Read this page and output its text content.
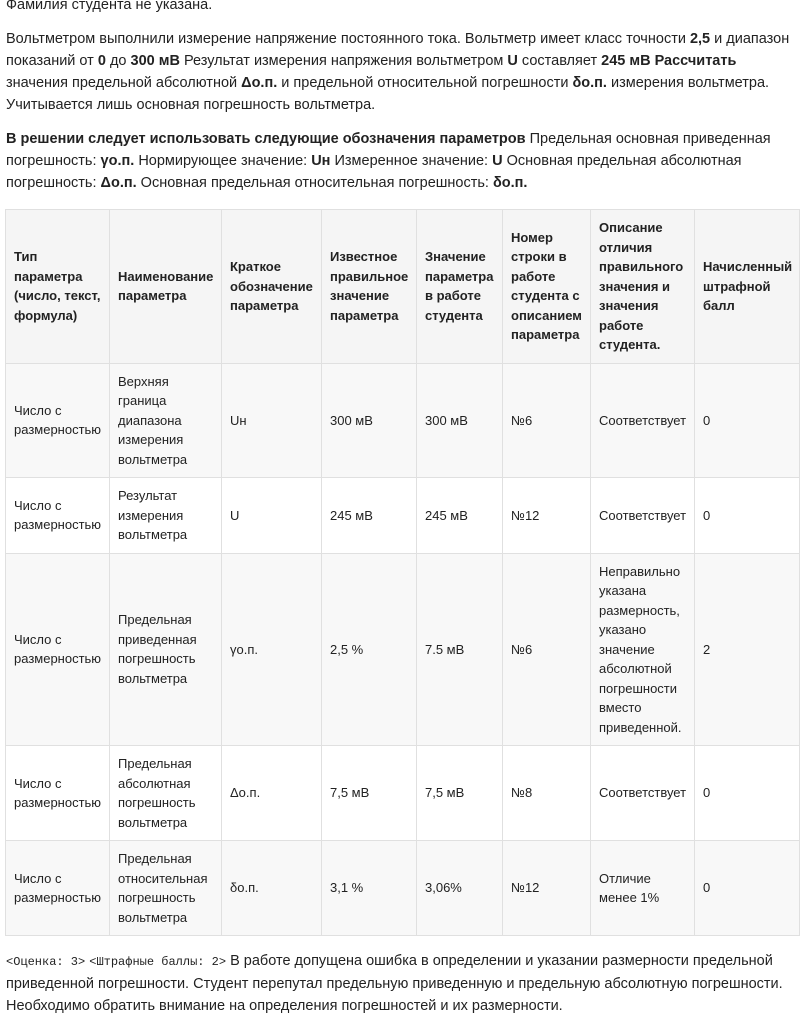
Фамилия студента не указана.

Вольтметром выполнили измерение напряжение постоянного тока. Вольтметр имеет класс точности 2,5 и диапазон показаний от 0 до 300 мВ Результат измерения напряжения вольтметром U составляет 245 мВ Рассчитать значения предельной абсолютной Δо.п. и предельной относительной погрешности δо.п. измерения вольтметра. Учитывается лишь основная погрешность вольтметра.

В решении следует использовать следующие обозначения параметров Предельная основная приведенная погрешность: γо.п. Нормирующее значение: Uн Измеренное значение: U Основная предельная абсолютная погрешность: Δо.п. Основная предельная относительная погрешность: δо.п.

Тип параметра (число, текст, формула)	Наименование параметра	Краткое обозначение параметра	Известное правильное значение параметра	Значение параметра в работе студента	Номер строки в работе студента с описанием параметра	Описание отличия правильного значения и значения работе студента.	Начисленный штрафной балл
Число с размерностью	Верхняя граница диапазона измерения вольтметра	Uн	300 мВ	300 мВ	№6	Соответствует	0
Число с размерностью	Результат измерения вольтметра	U	245 мВ	245 мВ	№12	Соответствует	0
Число с размерностью	Предельная приведенная погрешность вольтметра	γо.п.	2,5 %	7.5 мВ	№6	Неправильно указана размерность, указано значение абсолютной погрешности вместо приведенной.	2
Число с размерностью	Предельная абсолютная погрешность вольтметра	Δо.п.	7,5 мВ	7,5 мВ	№8	Соответствует	0
Число с размерностью	Предельная относительная погрешность вольтметра	δо.п.	3,1 %	3,06%	№12	Отличие менее 1%	0

<Оценка: 3> <Штрафные баллы: 2> В работе допущена ошибка в определении и указании размерности предельной приведенной погрешности. Студент перепутал предельную приведенную и предельную абсолютную погрешности. Необходимо обратить внимание на определения погрешностей и их размерности.
